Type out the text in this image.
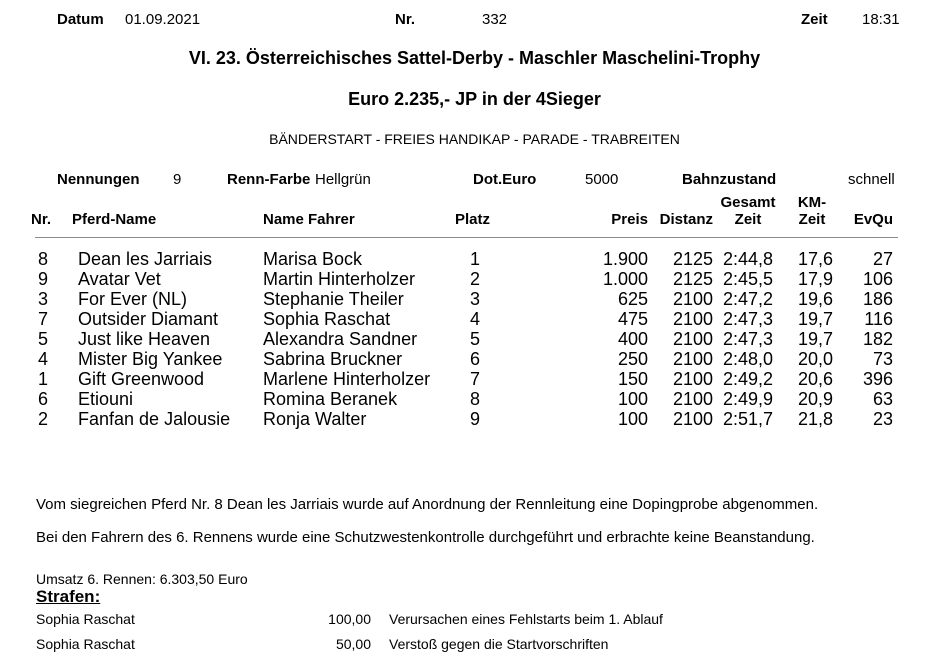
Datum 01.09.2021	Nr.	332	Zeit 18:31
VI. 23. Österreichisches Sattel-Derby - Maschler Maschelini-Trophy
Euro 2.235,- JP in der 4Sieger
BÄNDERSTART - FREIES HANDIKAP - PARADE - TRABREITEN
Nennungen 9	Renn-Farbe Hellgrün	Dot.Euro	5000	Bahnzustand	schnell
Gesamt	KM-
Nr. Pferd-Name	Name Fahrer	Platz	Preis Distanz	Zeit	Zeit	EvQu
8 Dean les Jarriais	Marisa Bock	1	1.900	2125 2:44,8	17,6	27
9 Avatar Vet	Martin Hinterholzer	2	1.000	2125 2:45,5	17,9	106
3 For Ever (NL)	Stephanie Theiler	3	625	2100 2:47,2	19,6	186
7 Outsider Diamant	Sophia Raschat	4	475	2100 2:47,3	19,7	116
5 Just like Heaven	Alexandra Sandner	5	400	2100 2:47,3	19,7	182
4 Mister Big Yankee	Sabrina Bruckner	6	250	2100 2:48,0	20,0	73
1 Gift Greenwood	Marlene Hinterholzer	7	150	2100 2:49,2	20,6	396
6 Etiouni	Romina Beranek	8	100	2100 2:49,9	20,9	63
2 Fanfan de Jalousie	Ronja Walter	9	100	2100 2:51,7	21,8	23
Vom siegreichen Pferd Nr. 8 Dean les Jarriais wurde auf Anordnung der Rennleitung eine Dopingprobe abgenommen.
Bei den Fahrern des 6. Rennens wurde eine Schutzwestenkontrolle durchgeführt und erbrachte keine Beanstandung.
Umsatz 6. Rennen: 6.303,50 Euro
Strafen:
Sophia Raschat	100,00 Verursachen eines Fehlstarts beim 1. Ablauf
Sophia Raschat	50,00 Verstoß gegen die Startvorschriften
